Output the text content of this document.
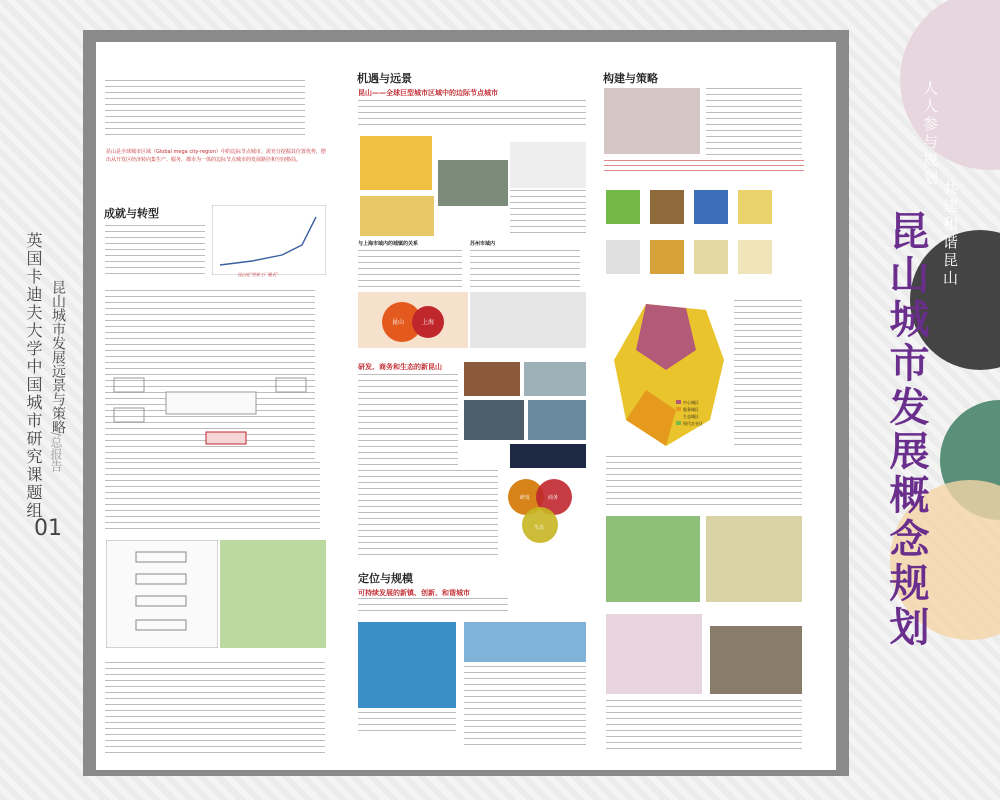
英国卡迪夫大学中国城市研究课题组 昆山城市发展远景与策略
/总报告
01
昆山是全球城市区域（Global mega city-region）中的边际节点城市。需充分挖掘其位置优势，摆出从开发区经济转向集生产、服务、都市为一体的边际节点城市的发展路径和空间格局。
成就与转型
昆山处“世界工厂模式”
机遇与远景
昆山——全球巨型城市区域中的边际节点城市
与上海市域内的城镇的关系	苏州市域内
昆山	上海
研发、商务和生态的新昆山
研发	商务
生态
定位与规模
可持续发展的新镇、创新、和谐城市
构建与策略
中心城区
服务城区
生态城区
现代农业区
人人参与规划
共建和谐昆山
昆山城市发展概念规划
